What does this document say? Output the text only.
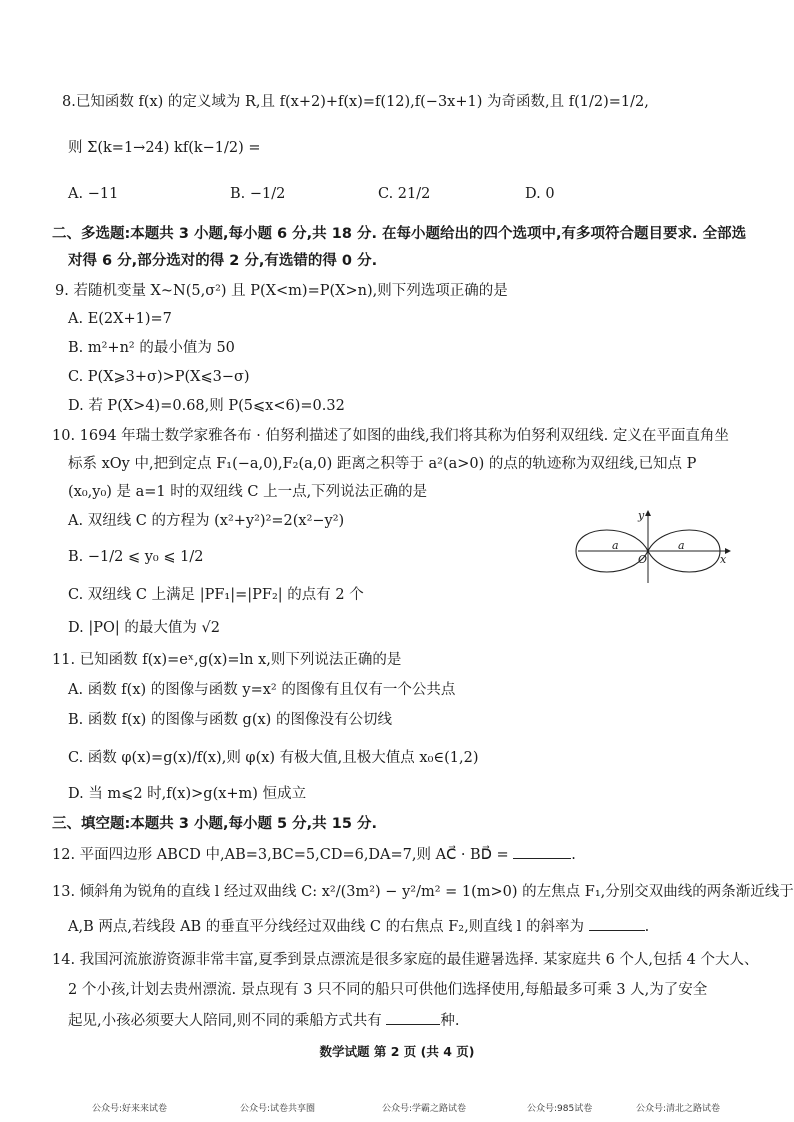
8.已知函数 f(x) 的定义域为 R,且 f(x+2)+f(x)=f(12),f(−3x+1) 为奇函数,且 f(1/2)=1/2,
则 Σ(k=1→24) kf(k−1/2) =
A. −11	B. −1/2	C. 21/2	D. 0
二、多选题:本题共 3 小题,每小题 6 分,共 18 分. 在每小题给出的四个选项中,有多项符合题目要求. 全部选
对得 6 分,部分选对的得 2 分,有选错的得 0 分.
9. 若随机变量 X~N(5,σ²) 且 P(X<m)=P(X>n),则下列选项正确的是
A. E(2X+1)=7
B. m²+n² 的最小值为 50
C. P(X⩾3+σ)>P(X⩽3−σ)
D. 若 P(X>4)=0.68,则 P(5⩽x<6)=0.32
10. 1694 年瑞士数学家雅各布 · 伯努利描述了如图的曲线,我们将其称为伯努利双纽线. 定义在平面直角坐
标系 xOy 中,把到定点 F₁(−a,0),F₂(a,0) 距离之积等于 a²(a>0) 的点的轨迹称为双纽线,已知点 P
(x₀,y₀) 是 a=1 时的双纽线 C 上一点,下列说法正确的是
A. 双纽线 C 的方程为 (x²+y²)²=2(x²−y²)
B. −1/2 ⩽ y₀ ⩽ 1/2
C. 双纽线 C 上满足 |PF₁|=|PF₂| 的点有 2 个
D. |PO| 的最大值为 √2
y
x
O
a	a
11. 已知函数 f(x)=eˣ,g(x)=ln x,则下列说法正确的是
A. 函数 f(x) 的图像与函数 y=x² 的图像有且仅有一个公共点
B. 函数 f(x) 的图像与函数 g(x) 的图像没有公切线
C. 函数 φ(x)=g(x)/f(x),则 φ(x) 有极大值,且极大值点 x₀∈(1,2)
D. 当 m⩽2 时,f(x)>g(x+m) 恒成立
三、填空题:本题共 3 小题,每小题 5 分,共 15 分.
12. 平面四边形 ABCD 中,AB=3,BC=5,CD=6,DA=7,则 AC⃗ · BD⃗ =	.
13. 倾斜角为锐角的直线 l 经过双曲线 C: x²/(3m²) − y²/m² = 1(m>0) 的左焦点 F₁,分别交双曲线的两条渐近线于
A,B 两点,若线段 AB 的垂直平分线经过双曲线 C 的右焦点 F₂,则直线 l 的斜率为	.
14. 我国河流旅游资源非常丰富,夏季到景点漂流是很多家庭的最佳避暑选择. 某家庭共 6 个人,包括 4 个大人、
2 个小孩,计划去贵州漂流. 景点现有 3 只不同的船只可供他们选择使用,每船最多可乘 3 人,为了安全
起见,小孩必须要大人陪同,则不同的乘船方式共有	种.
数学试题 第 2 页 (共 4 页)
公众号:好来来试卷	公众号:试卷共享圈	公众号:学霸之路试卷	公众号:985试卷	公众号:清北之路试卷
